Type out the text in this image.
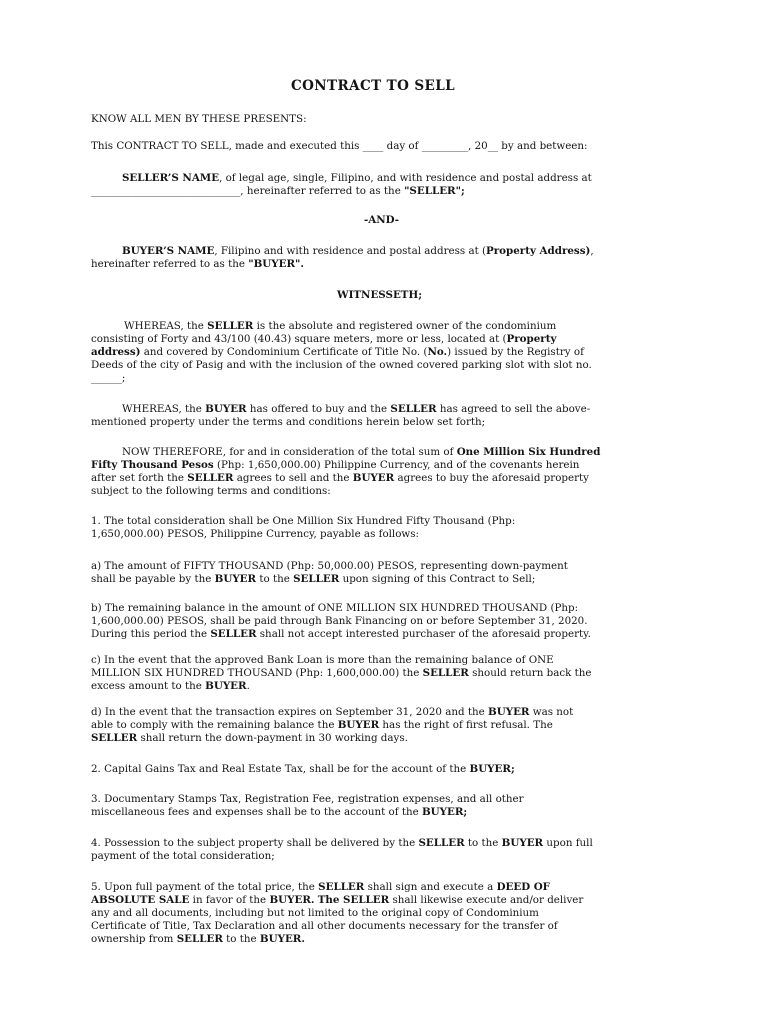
CONTRACT TO SELL
KNOW ALL MEN BY THESE PRESENTS:
This CONTRACT TO SELL, made and executed this ____ day of _________, 20__ by and between:
SELLER’S NAME, of legal age, single, Filipino, and with residence and postal address at
_____________________________, hereinafter referred to as the "SELLER";
-AND-
BUYER’S NAME, Filipino and with residence and postal address at (Property Address),
hereinafter referred to as the "BUYER".
WITNESSETH;
WHEREAS, the SELLER is the absolute and registered owner of the condominium
consisting of Forty and 43/100 (40.43) square meters, more or less, located at (Property
address) and covered by Condominium Certificate of Title No. (No.) issued by the Registry of
Deeds of the city of Pasig and with the inclusion of the owned covered parking slot with slot no.
______;
WHEREAS, the BUYER has offered to buy and the SELLER has agreed to sell the above-
mentioned property under the terms and conditions herein below set forth;
NOW THEREFORE, for and in consideration of the total sum of One Million Six Hundred
Fifty Thousand Pesos (Php: 1,650,000.00) Philippine Currency, and of the covenants herein
after set forth the SELLER agrees to sell and the BUYER agrees to buy the aforesaid property
subject to the following terms and conditions:
1. The total consideration shall be One Million Six Hundred Fifty Thousand (Php:
1,650,000.00) PESOS, Philippine Currency, payable as follows:
a) The amount of FIFTY THOUSAND (Php: 50,000.00) PESOS, representing down-payment
shall be payable by the BUYER to the SELLER upon signing of this Contract to Sell;
b) The remaining balance in the amount of ONE MILLION SIX HUNDRED THOUSAND (Php:
1,600,000.00) PESOS, shall be paid through Bank Financing on or before September 31, 2020.
During this period the SELLER shall not accept interested purchaser of the aforesaid property.
c) In the event that the approved Bank Loan is more than the remaining balance of ONE
MILLION SIX HUNDRED THOUSAND (Php: 1,600,000.00) the SELLER should return back the
excess amount to the BUYER.
d) In the event that the transaction expires on September 31, 2020 and the BUYER was not
able to comply with the remaining balance the BUYER has the right of first refusal. The
SELLER shall return the down-payment in 30 working days.
2. Capital Gains Tax and Real Estate Tax, shall be for the account of the BUYER;
3. Documentary Stamps Tax, Registration Fee, registration expenses, and all other
miscellaneous fees and expenses shall be to the account of the BUYER;
4. Possession to the subject property shall be delivered by the SELLER to the BUYER upon full
payment of the total consideration;
5. Upon full payment of the total price, the SELLER shall sign and execute a DEED OF
ABSOLUTE SALE in favor of the BUYER. The SELLER shall likewise execute and/or deliver
any and all documents, including but not limited to the original copy of Condominium
Certificate of Title, Tax Declaration and all other documents necessary for the transfer of
ownership from SELLER to the BUYER.
